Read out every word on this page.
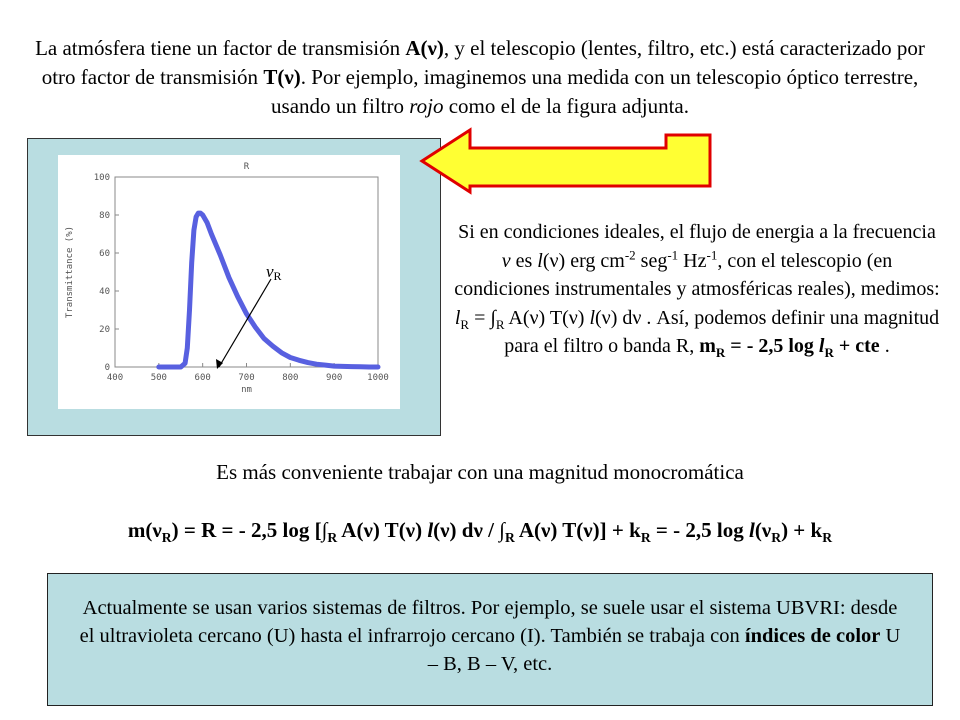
La atmósfera tiene un factor de transmisión A(ν), y el telescopio (lentes, filtro, etc.) está caracterizado por otro factor de transmisión T(ν). Por ejemplo, imaginemos una medida con un telescopio óptico terrestre, usando un filtro rojo como el de la figura adjunta.
400	500	600	700	800	900	1000
0
20
40
60
80
100
R
nm
Transmittance (%)	νR
Si en condiciones ideales, el flujo de energia a la frecuencia ν es l(ν) erg $cm^{-2}$ seg$^{-1}$ $Hz^{-1}$, con el telescopio (en condiciones instrumentales y atmosféricas reales), medimos: $l_R = \int_R$ A(ν) T(ν) l(ν) dν . Así, podemos definir una magnitud para el filtro o banda R, $m_R$ = - 2,5 $\log l_R$ + cte .
Es más conveniente trabajar con una magnitud monocromática
$m(\nu_R) = R$ = - 2,5 $\log [\int_R$ A(ν) T(ν) l(ν) dν / $\int_R$ A(ν) $T(\nu)] + k_R$ = - 2,5 $\log l(\nu_R) + k_R$
Actualmente se usan varios sistemas de filtros. Por ejemplo, se suele usar el sistema UBVRI: desde el ultravioleta cercano (U) hasta el infrarrojo cercano (I). También se trabaja con índices de color U – B, B – V, etc.
